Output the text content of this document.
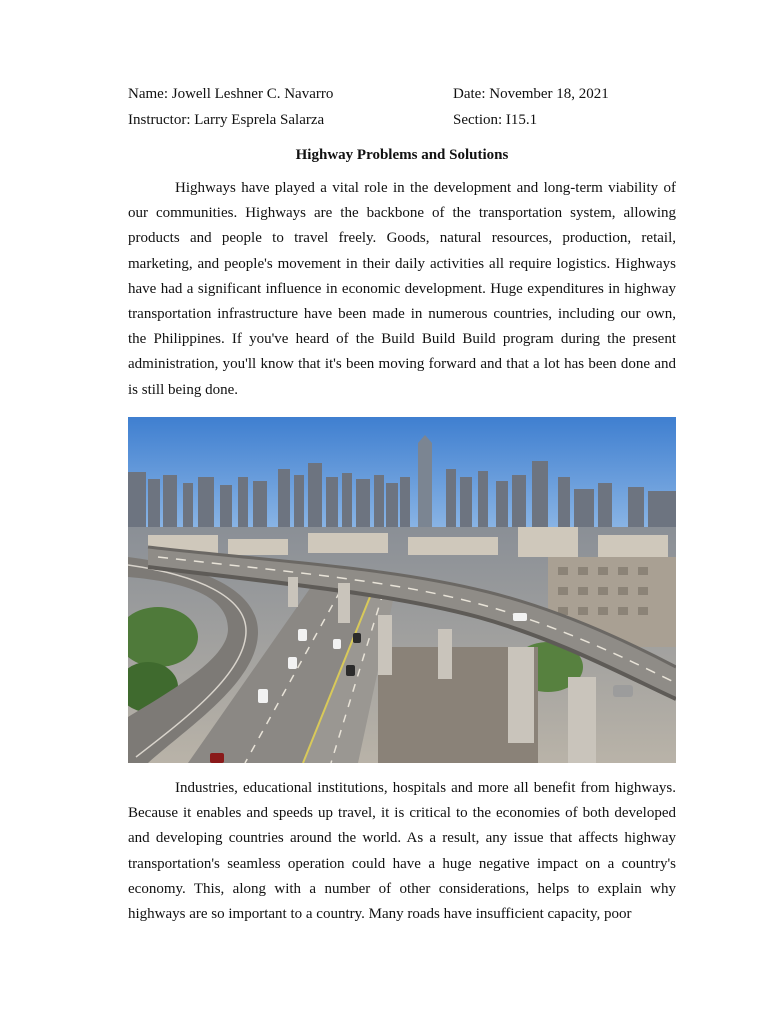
Name: Jowell Leshner C. Navarro	Date: November 18, 2021
Instructor: Larry Esprela Salarza	Section: I15.1
Highway Problems and Solutions

Highways have played a vital role in the development and long-term viability of our communities. Highways are the backbone of the transportation system, allowing products and people to travel freely. Goods, natural resources, production, retail, marketing, and people's movement in their daily activities all require logistics. Highways have had a significant influence in economic development. Huge expenditures in highway transportation infrastructure have been made in numerous countries, including our own, the Philippines. If you've heard of the Build Build Build program during the present administration, you'll know that it's been moving forward and that a lot has been done and is still being done.

Industries, educational institutions, hospitals and more all benefit from highways. Because it enables and speeds up travel, it is critical to the economies of both developed and developing countries around the world. As a result, any issue that affects highway transportation's seamless operation could have a huge negative impact on a country's economy. This, along with a number of other considerations, helps to explain why highways are so important to a country. Many roads have insufficient capacity, poor
